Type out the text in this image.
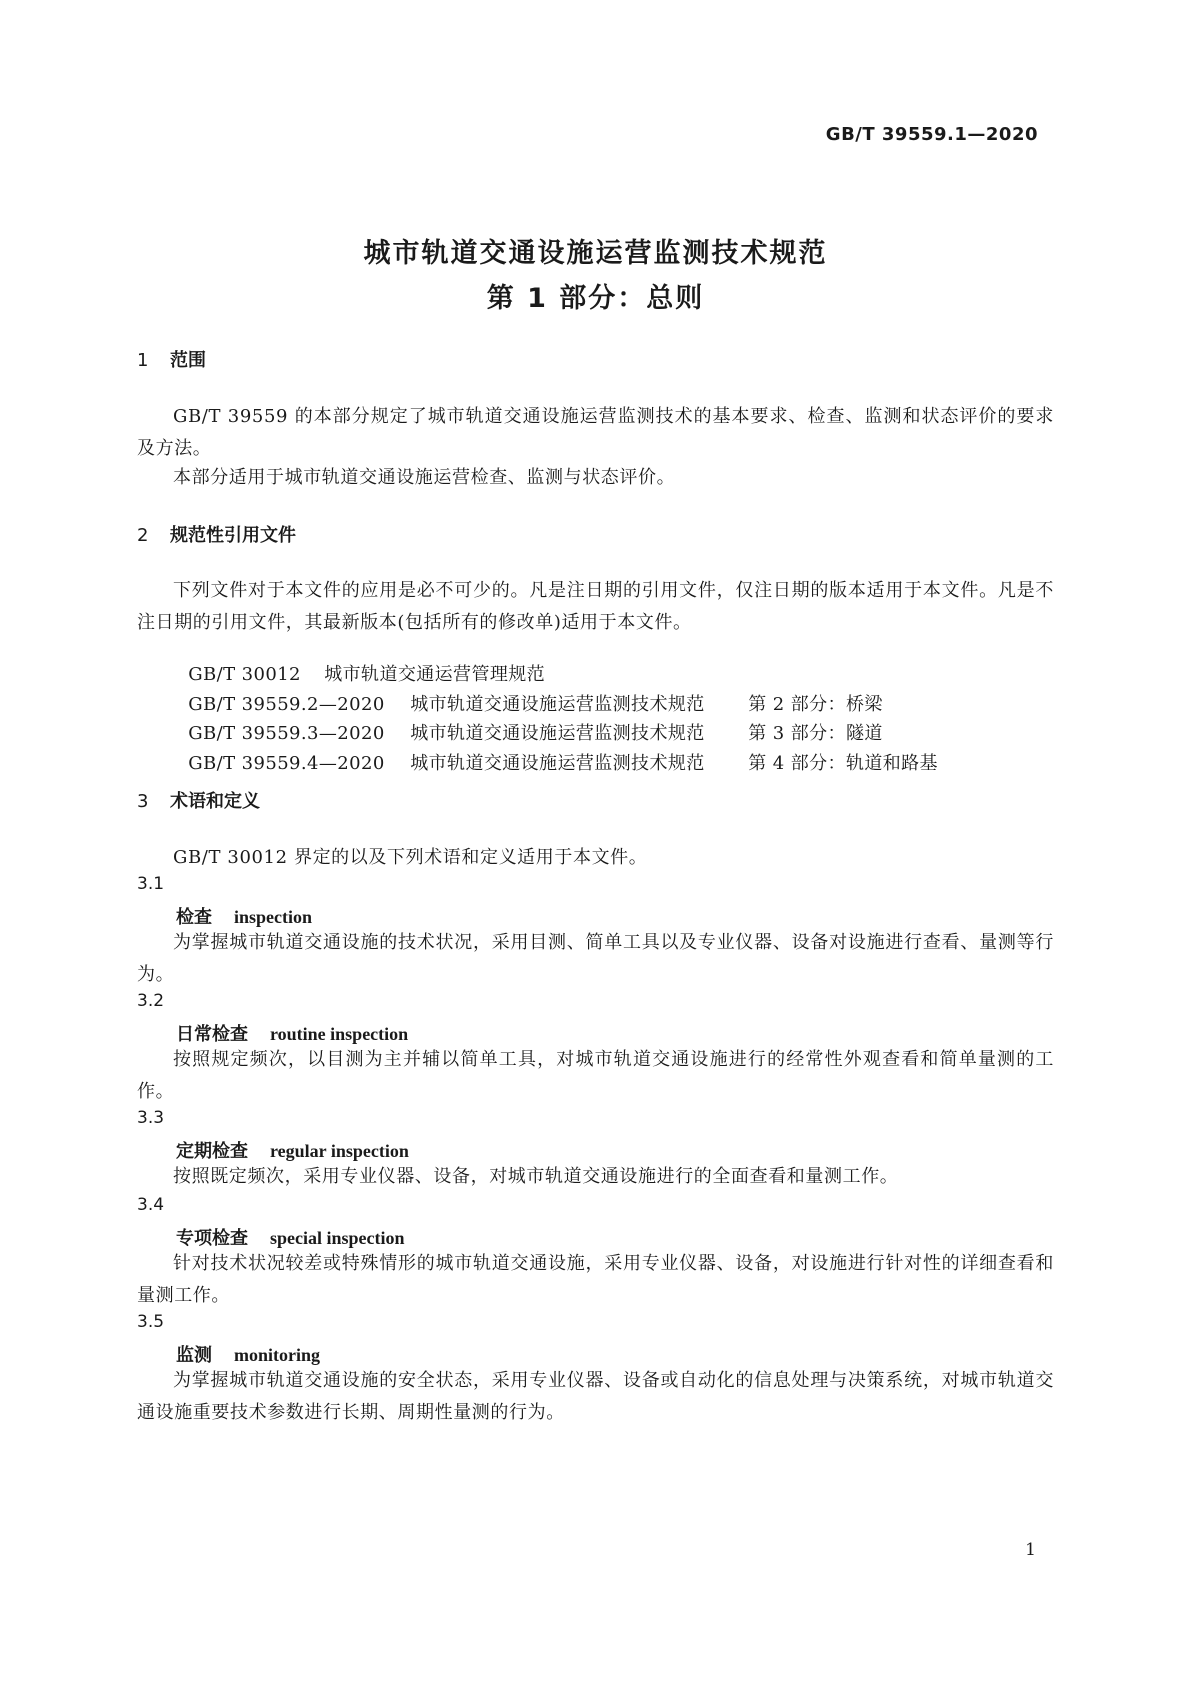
GB/T 39559.1—2020
城市轨道交通设施运营监测技术规范
第 1 部分：总则
1 范围
GB/T 39559 的本部分规定了城市轨道交通设施运营监测技术的基本要求、检查、监测和状态评价的要求及方法。
本部分适用于城市轨道交通设施运营检查、监测与状态评价。
2 规范性引用文件
下列文件对于本文件的应用是必不可少的。凡是注日期的引用文件，仅注日期的版本适用于本文件。凡是不注日期的引用文件，其最新版本(包括所有的修改单)适用于本文件。

GB/T 30012 城市轨道交通运营管理规范

GB/T 39559.2—2020 城市轨道交通设施运营监测技术规范 第 2 部分：桥梁

GB/T 39559.3—2020 城市轨道交通设施运营监测技术规范 第 3 部分：隧道

GB/T 39559.4—2020 城市轨道交通设施运营监测技术规范 第 4 部分：轨道和路基

3 术语和定义
GB/T 30012 界定的以及下列术语和定义适用于本文件。
3.1
检查 inspection
为掌握城市轨道交通设施的技术状况，采用目测、简单工具以及专业仪器、设备对设施进行查看、量测等行为。
3.2
日常检查 routine inspection
按照规定频次，以目测为主并辅以简单工具，对城市轨道交通设施进行的经常性外观查看和简单量测的工作。
3.3
定期检查 regular inspection
按照既定频次，采用专业仪器、设备，对城市轨道交通设施进行的全面查看和量测工作。
3.4
专项检查 special inspection
针对技术状况较差或特殊情形的城市轨道交通设施，采用专业仪器、设备，对设施进行针对性的详细查看和量测工作。
3.5
监测 monitoring
为掌握城市轨道交通设施的安全状态，采用专业仪器、设备或自动化的信息处理与决策系统，对城市轨道交通设施重要技术参数进行长期、周期性量测的行为。
1
